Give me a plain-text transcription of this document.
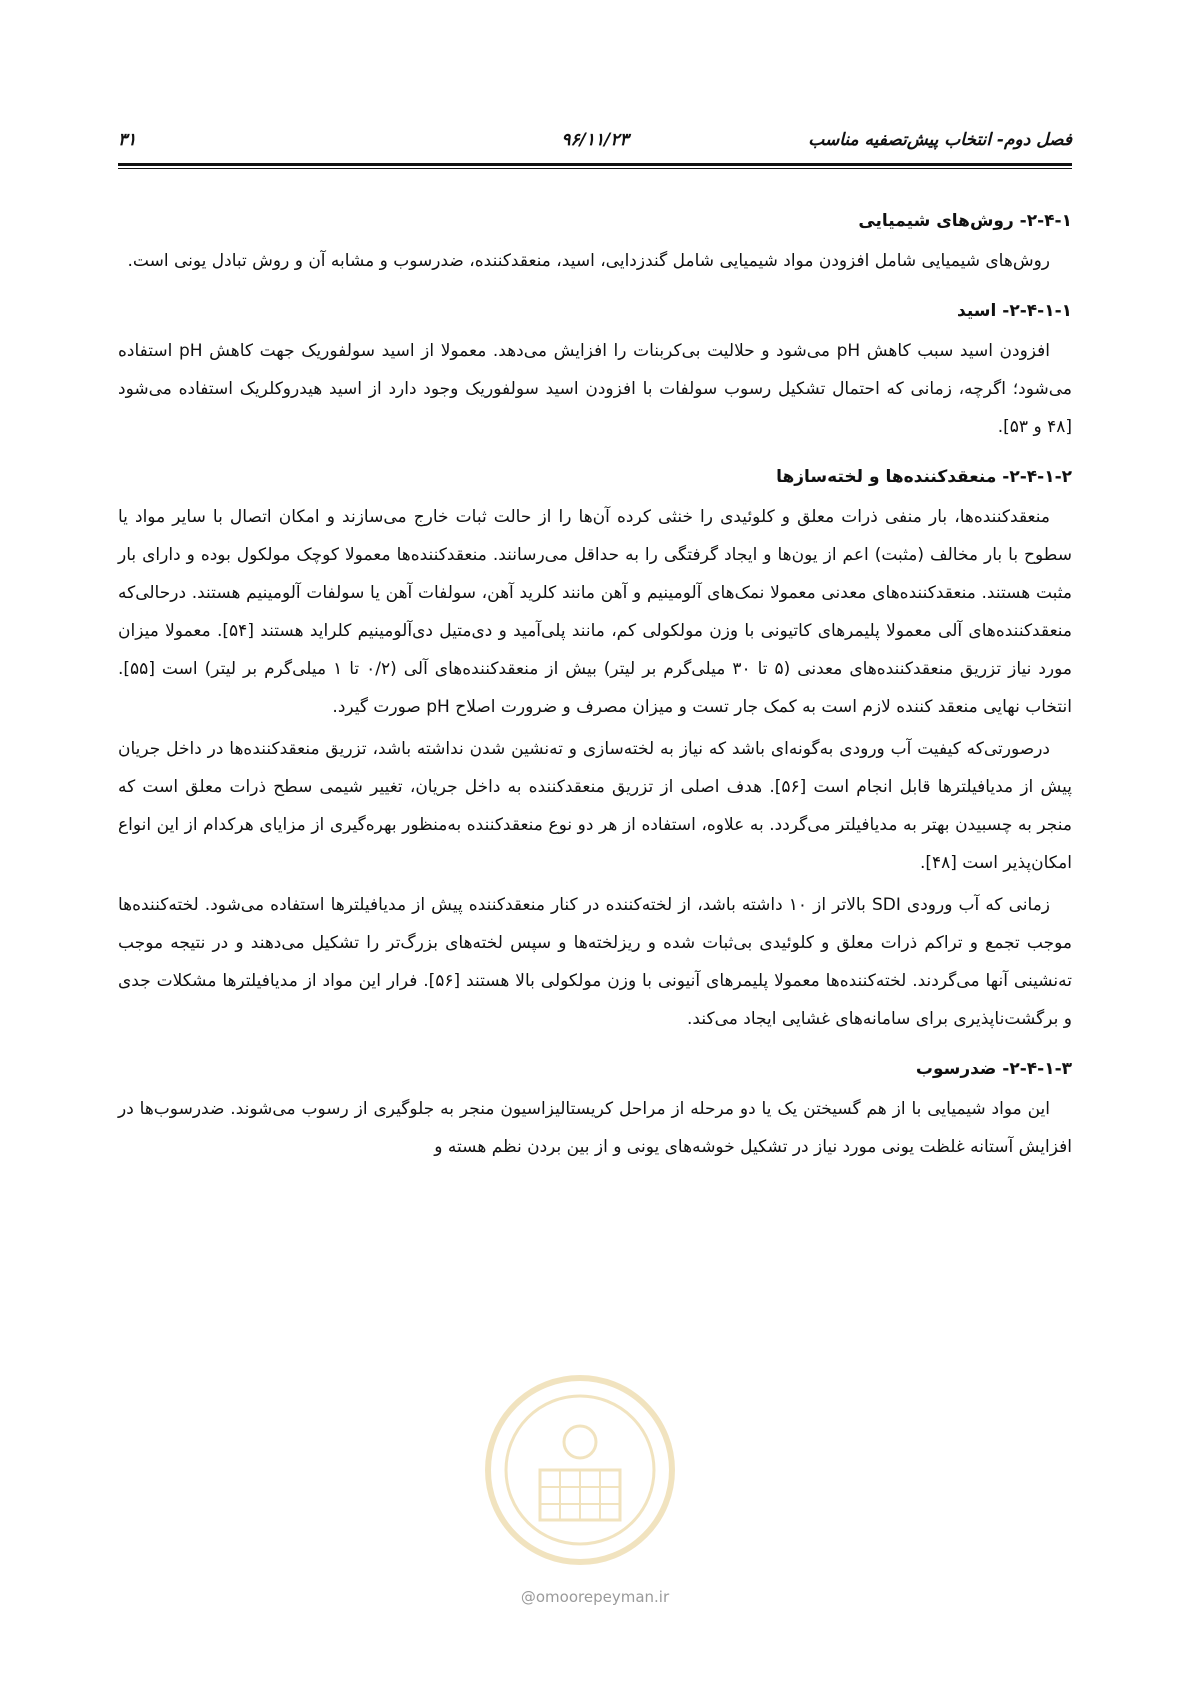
فصل دوم- انتخاب پیش‌تصفیه مناسب
۹۶/۱۱/۲۳
۳۱
۲-۴-۱- روش‌های شیمیایی

روش‌های شیمیایی شامل افزودن مواد شیمیایی شامل گندزدایی، اسید، منعقدکننده، ضدرسوب و مشابه آن و روش تبادل یونی است.

۲-۴-۱-۱- اسید

افزودن اسید سبب کاهش pH می‌شود و حلالیت بی‌کربنات را افزایش می‌دهد. معمولا از اسید سولفوریک جهت کاهش pH استفاده می‌شود؛ اگرچه، زمانی که احتمال تشکیل رسوب سولفات با افزودن اسید سولفوریک وجود دارد از اسید هیدروکلریک استفاده می‌شود [۴۸ و ۵۳].

۲-۴-۱-۲- منعقدکننده‌ها و لخته‌سازها

منعقدکننده‌ها، بار منفی ذرات معلق و کلوئیدی را خنثی کرده آن‌ها را از حالت ثبات خارج می‌سازند و امکان اتصال با سایر مواد یا سطوح با بار مخالف (مثبت) اعم از یون‌ها و ایجاد گرفتگی را به حداقل می‌رسانند. منعقدکننده‌ها معمولا کوچک مولکول بوده و دارای بار مثبت هستند. منعقدکننده‌های معدنی معمولا نمک‌های آلومینیم و آهن مانند کلرید آهن، سولفات آهن یا سولفات آلومینیم هستند. درحالی‌که منعقدکننده‌های آلی معمولا پلیمرهای کاتیونی با وزن مولکولی کم، مانند پلی‌آمید و دی‌متیل دی‌آلومینیم کلراید هستند [۵۴]. معمولا میزان مورد نیاز تزریق منعقدکننده‌های معدنی (۵ تا ۳۰ میلی‌گرم بر لیتر) بیش از منعقدکننده‌های آلی (۰/۲ تا ۱ میلی‌گرم بر لیتر) است [۵۵]. انتخاب نهایی منعقد کننده لازم است به کمک جار تست و میزان مصرف و ضرورت اصلاح pH صورت گیرد.

درصورتی‌که کیفیت آب ورودی به‌گونه‌ای باشد که نیاز به لخته‌سازی و ته‌نشین شدن نداشته باشد، تزریق منعقدکننده‌ها در داخل جریان پیش از مدیافیلترها قابل انجام است [۵۶]. هدف اصلی از تزریق منعقدکننده به داخل جریان، تغییر شیمی سطح ذرات معلق است که منجر به چسبیدن بهتر به مدیافیلتر می‌گردد. به علاوه، استفاده از هر دو نوع منعقدکننده به‌منظور بهره‌گیری از مزایای هرکدام از این انواع امکان‌پذیر است [۴۸].

زمانی که آب ورودی SDI بالاتر از ۱۰ داشته باشد، از لخته‌کننده در کنار منعقدکننده پیش از مدیافیلترها استفاده می‌شود. لخته‌کننده‌ها موجب تجمع و تراکم ذرات معلق و کلوئیدی بی‌ثبات شده و ریزلخته‌ها و سپس لخته‌های بزرگ‌تر را تشکیل می‌دهند و در نتیجه موجب ته‌نشینی آنها می‌گردند. لخته‌کننده‌ها معمولا پلیمرهای آنیونی با وزن مولکولی بالا هستند [۵۶]. فرار این مواد از مدیافیلترها مشکلات جدی و برگشت‌ناپذیری برای سامانه‌های غشایی ایجاد می‌کند.

۲-۴-۱-۳- ضدرسوب

این مواد شیمیایی با از هم گسیختن یک یا دو مرحله از مراحل کریستالیزاسیون منجر به جلوگیری از رسوب می‌شوند. ضدرسوب‌ها در افزایش آستانه غلظت یونی مورد نیاز در تشکیل خوشه‌های یونی و از بین بردن نظم هسته و

@omoorepeyman.ir
